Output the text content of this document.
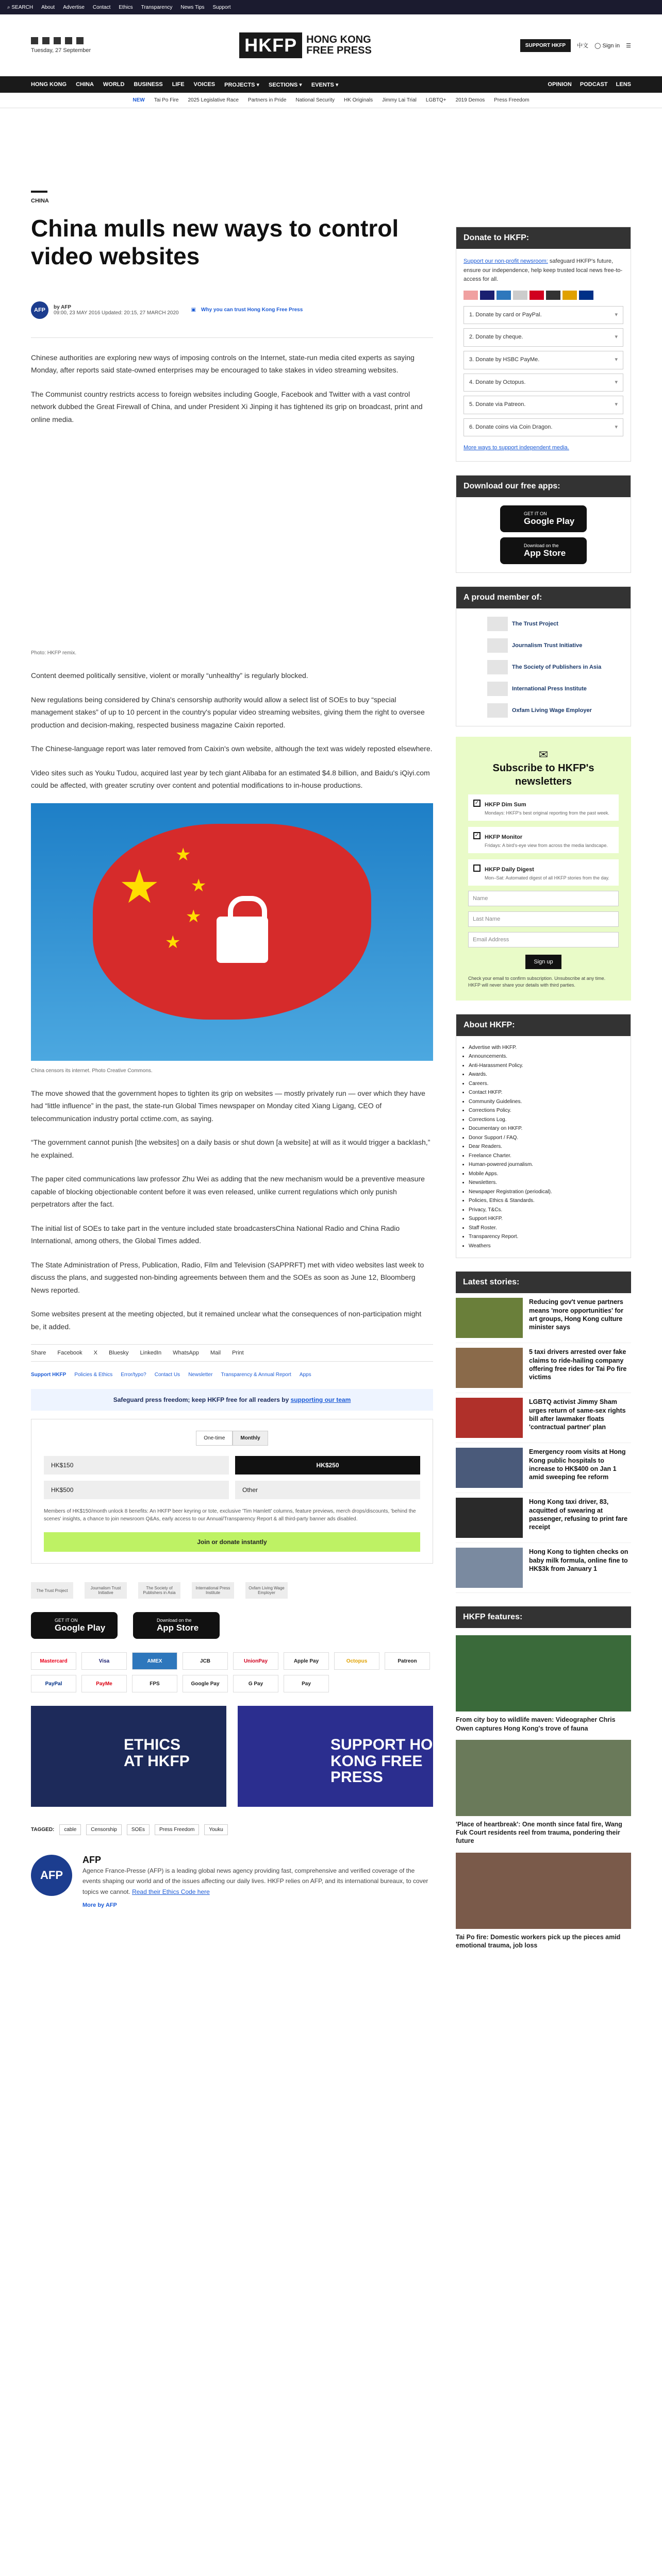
⌕ SEARCH About Advertise Contact Ethics Transparency News Tips Support
Tuesday, 27 September	HKFP HONG KONG
FREE PRESS	SUPPORT HKFP	中文 ◯ Sign in ☰
HONG KONG CHINA WORLD BUSINESS LIFE VOICES PROJECTS ▾ SECTIONS ▾ EVENTS ▾	OPINION PODCAST LENS
NEW Tai Po Fire 2025 Legislative Race Partners in Pride National Security HK Originals Jimmy Lai Trial LGBTQ+ 2019 Demos Press Freedom
CHINA
China mulls new ways to control video websites
AFP	by AFP
09:00, 23 MAY 2016 Updated: 20:15, 27 MARCH 2020 ▣ Why you can trust Hong Kong Free Press

Chinese authorities are exploring new ways of imposing controls on the Internet, state-run media cited experts as saying Monday, after reports said state-owned enterprises may be encouraged to take stakes in video streaming websites.

The Communist country restricts access to foreign websites including Google, Facebook and Twitter with a vast control network dubbed the Great Firewall of China, and under President Xi Jinping it has tightened its grip on broadcast, print and online media.

Photo: HKFP remix.

Content deemed politically sensitive, violent or morally “unhealthy” is regularly blocked.

New regulations being considered by China's censorship authority would allow a select list of SOEs to buy “special management stakes” of up to 10 percent in the country's popular video streaming websites, giving them the right to oversee production and decision-making, respected business magazine Caixin reported.

The Chinese-language report was later removed from Caixin's own website, although the text was widely reposted elsewhere.

Video sites such as Youku Tudou, acquired last year by tech giant Alibaba for an estimated $4.8 billion, and Baidu's iQiyi.com could be affected, with greater scrutiny over content and potential modifications to in-house productions.

★
★
★
★
★
China censors its internet. Photo Creative Commons.

The move showed that the government hopes to tighten its grip on websites — mostly privately run — over which they have had “little influence” in the past, the state-run Global Times newspaper on Monday cited Xiang Ligang, CEO of telecommunication industry portal cctime.com, as saying.

“The government cannot punish [the websites] on a daily basis or shut down [a website] at will as it would trigger a backlash,” he explained.

The paper cited communications law professor Zhu Wei as adding that the new mechanism would be a preventive measure capable of blocking objectionable content before it was even released, unlike current regulations which only punish perpetrators after the fact.

The initial list of SOEs to take part in the venture included state broadcastersChina National Radio and China Radio International, among others, the Global Times added.

The State Administration of Press, Publication, Radio, Film and Television (SAPPRFT) met with video websites last week to discuss the plans, and suggested non-binding agreements between them and the SOEs as soon as June 12, Bloomberg News reported.

Some websites present at the meeting objected, but it remained unclear what the consequences of non-participation might be, it added.

Share Facebook X Bluesky LinkedIn WhatsApp Mail Print
Support HKFP Policies & Ethics Error/typo? Contact Us Newsletter Transparency & Annual Report Apps
Safeguard press freedom; keep HKFP free for all readers by supporting our team
One-time	Monthly
HK$150	HK$250
HK$500	Other
Members of HK$150/month unlock 8 benefits: An HKFP beer keyring or tote, exclusive 'Tim Hamlett' columns, feature previews, merch drops/discounts, 'behind the scenes' insights, a chance to join newsroom Q&As, early access to our Annual/Transparency Report & all third-party banner ads disabled.
Join or donate instantly
The Trust Project	Journalism Trust Initiative
The Society of Publishers in Asia
International Press Institute
Oxfam Living Wage Employer
GET IT ON
Google Play
Download on the
App Store
Mastercard	Visa	AMEX	JCB	UnionPay	Apple Pay	Octopus	Patreon
PayPal	PayMe	FPS	Google Pay	G Pay	Pay
ETHICS
AT HKFP
SUPPORT HONG
KONG FREE
PRESS
TAGGED:	cable	Censorship	SOEs	Press Freedom	Youku
AFP
AFP
Agence France-Presse (AFP) is a leading global news agency providing fast, comprehensive and verified coverage of the events shaping our world and of the issues affecting our daily lives. HKFP relies on AFP, and its international bureaux, to cover topics we cannot. Read their Ethics Code here
More by AFP
Donate to HKFP:

Support our non-profit newsroom: safeguard HKFP's future, ensure our independence, help keep trusted local news free-to-access for all.

1. Donate by card or PayPal.	▾
2. Donate by cheque.	▾
3. Donate by HSBC PayMe.	▾
4. Donate by Octopus.	▾
5. Donate via Patreon.	▾
6. Donate coins via Coin Dragon.	▾

More ways to support independent media.

Download our free apps:
GET IT ON
Google Play
Download on the
App Store
A proud member of:
The Trust Project
Journalism Trust Initiative
The Society of Publishers in Asia
International Press Institute
Oxfam Living Wage Employer
✉
Subscribe to HKFP's newsletters
✓ HKFP Dim Sum

Mondays: HKFP's best original reporting from the past week.

✓ HKFP Monitor

Fridays: A bird's-eye view from across the media landscape.

HKFP Daily Digest

Mon–Sat: Automated digest of all HKFP stories from the day.

Name
Last Name
Email Address
Sign up
Check your email to confirm subscription. Unsubscribe at any time. HKFP will never share your details with third parties.
About HKFP:
• Advertise with HKFP.
• Announcements.
• Anti-Harassment Policy.
• Awards.
• Careers.
• Contact HKFP.
• Community Guidelines.
• Corrections Policy.
• Corrections Log.
• Documentary on HKFP.
• Donor Support / FAQ.
• Dear Readers.
• Freelance Charter.
• Human-powered journalism.
• Mobile Apps.
• Newsletters.
• Newspaper Registration (periodical).
• Policies, Ethics & Standards.
• Privacy, T&Cs.
• Support HKFP.
• Staff Roster.
• Transparency Report.
• Weathers
Latest stories:
Reducing gov't venue partners means 'more opportunities' for art groups, Hong Kong culture minister says
5 taxi drivers arrested over fake claims to ride-hailing company offering free rides for Tai Po fire victims
LGBTQ activist Jimmy Sham urges return of same-sex rights bill after lawmaker floats 'contractual partner' plan
Emergency room visits at Hong Kong public hospitals to increase to HK$400 on Jan 1 amid sweeping fee reform
Hong Kong taxi driver, 83, acquitted of swearing at passenger, refusing to print fare receipt
Hong Kong to tighten checks on baby milk formula, online fine to HK$3k from January 1
HKFP features:
From city boy to wildlife maven: Videographer Chris Owen captures Hong Kong's trove of fauna
'Place of heartbreak': One month since fatal fire, Wang Fuk Court residents reel from trauma, pondering their future
Tai Po fire: Domestic workers pick up the pieces amid emotional trauma, job loss
